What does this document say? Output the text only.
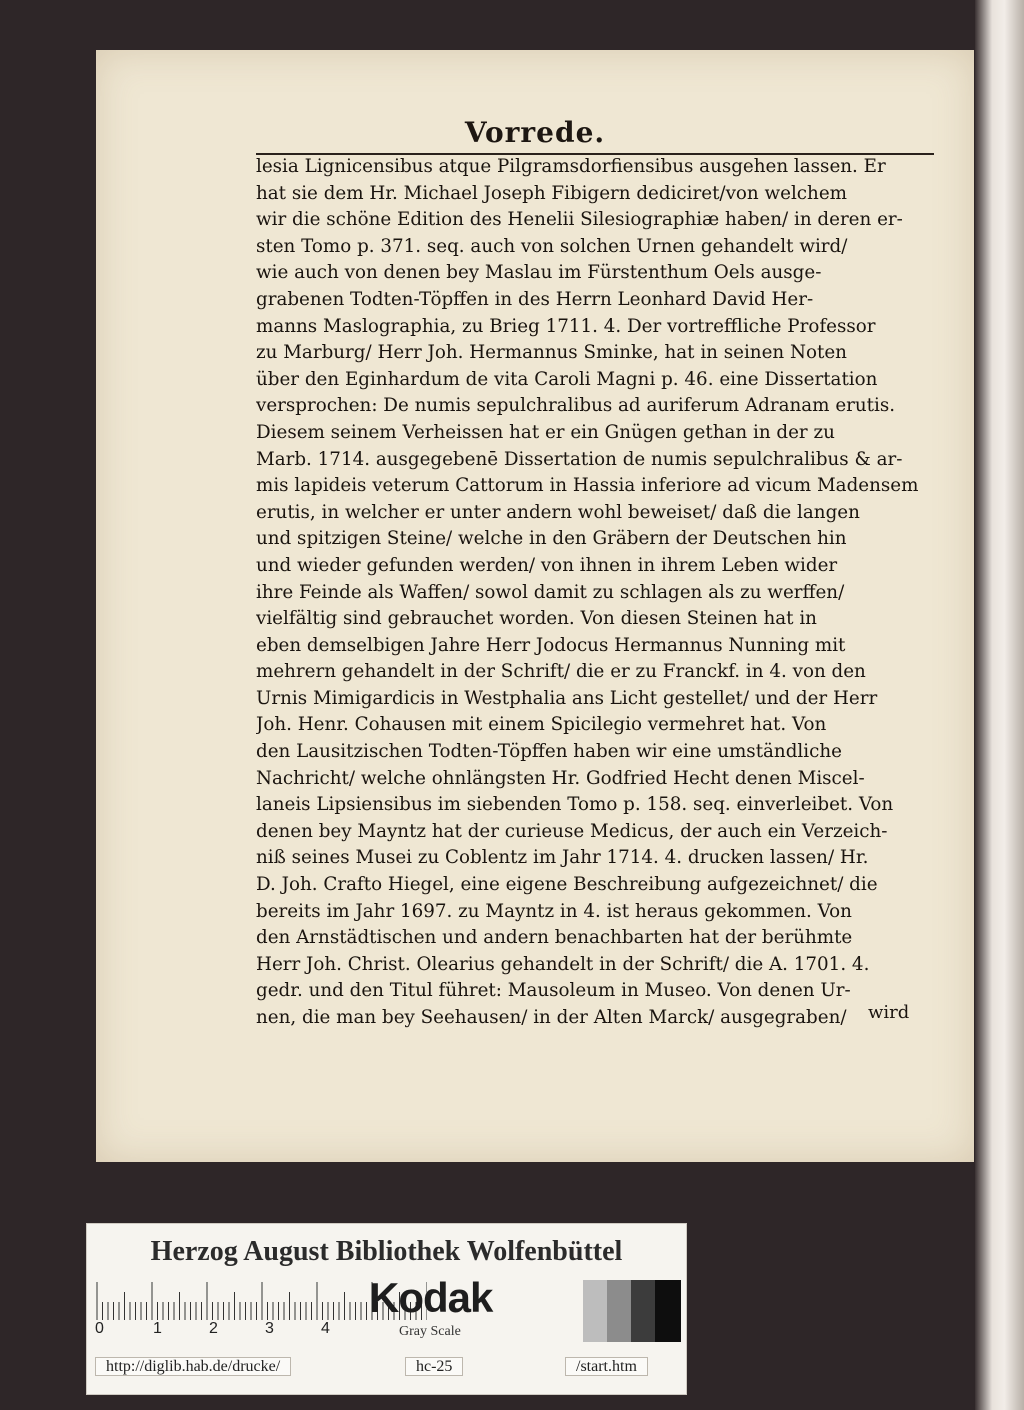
Vorrede.
lesia Lignicensibus atque Pilgramsdorfiensibus ausgehen lassen. Er
hat sie dem Hr. Michael Joseph Fibigern dediciret/von welchem
wir die schöne Edition des Henelii Silesiographiæ haben/ in deren er-
sten Tomo p. 371. seq. auch von solchen Urnen gehandelt wird/
wie auch von denen bey Maslau im Fürstenthum Oels ausge-
grabenen Todten-Töpffen in des Herrn Leonhard David Her-
manns Maslographia, zu Brieg 1711. 4. Der vortreffliche Professor
zu Marburg/ Herr Joh. Hermannus Sminke, hat in seinen Noten
über den Eginhardum de vita Caroli Magni p. 46. eine Dissertation
versprochen: De numis sepulchralibus ad auriferum Adranam erutis.
Diesem seinem Verheissen hat er ein Gnügen gethan in der zu
Marb. 1714. ausgegebenē Dissertation de numis sepulchralibus & ar-
mis lapideis veterum Cattorum in Hassia inferiore ad vicum Madensem
erutis, in welcher er unter andern wohl beweiset/ daß die langen
und spitzigen Steine/ welche in den Gräbern der Deutschen hin
und wieder gefunden werden/ von ihnen in ihrem Leben wider
ihre Feinde als Waffen/ sowol damit zu schlagen als zu werffen/
vielfältig sind gebrauchet worden. Von diesen Steinen hat in
eben demselbigen Jahre Herr Jodocus Hermannus Nunning mit
mehrern gehandelt in der Schrift/ die er zu Franckf. in 4. von den
Urnis Mimigardicis in Westphalia ans Licht gestellet/ und der Herr
Joh. Henr. Cohausen mit einem Spicilegio vermehret hat. Von
den Lausitzischen Todten-Töpffen haben wir eine umständliche
Nachricht/ welche ohnlängsten Hr. Godfried Hecht denen Miscel-
laneis Lipsiensibus im siebenden Tomo p. 158. seq. einverleibet. Von
denen bey Mayntz hat der curieuse Medicus, der auch ein Verzeich-
niß seines Musei zu Coblentz im Jahr 1714. 4. drucken lassen/ Hr.
D. Joh. Crafto Hiegel, eine eigene Beschreibung aufgezeichnet/ die
bereits im Jahr 1697. zu Mayntz in 4. ist heraus gekommen. Von
den Arnstädtischen und andern benachbarten hat der berühmte
Herr Joh. Christ. Olearius gehandelt in der Schrift/ die A. 1701. 4.
gedr. und den Titul führet: Mausoleum in Museo. Von denen Ur-
nen, die man bey Seehausen/ in der Alten Marck/ ausgegraben/	wird
Herzog August Bibliothek Wolfenbüttel
0	1	2	3	4
Kodak
Gray Scale
http://diglib.hab.de/drucke/	hc-25	/start.htm
